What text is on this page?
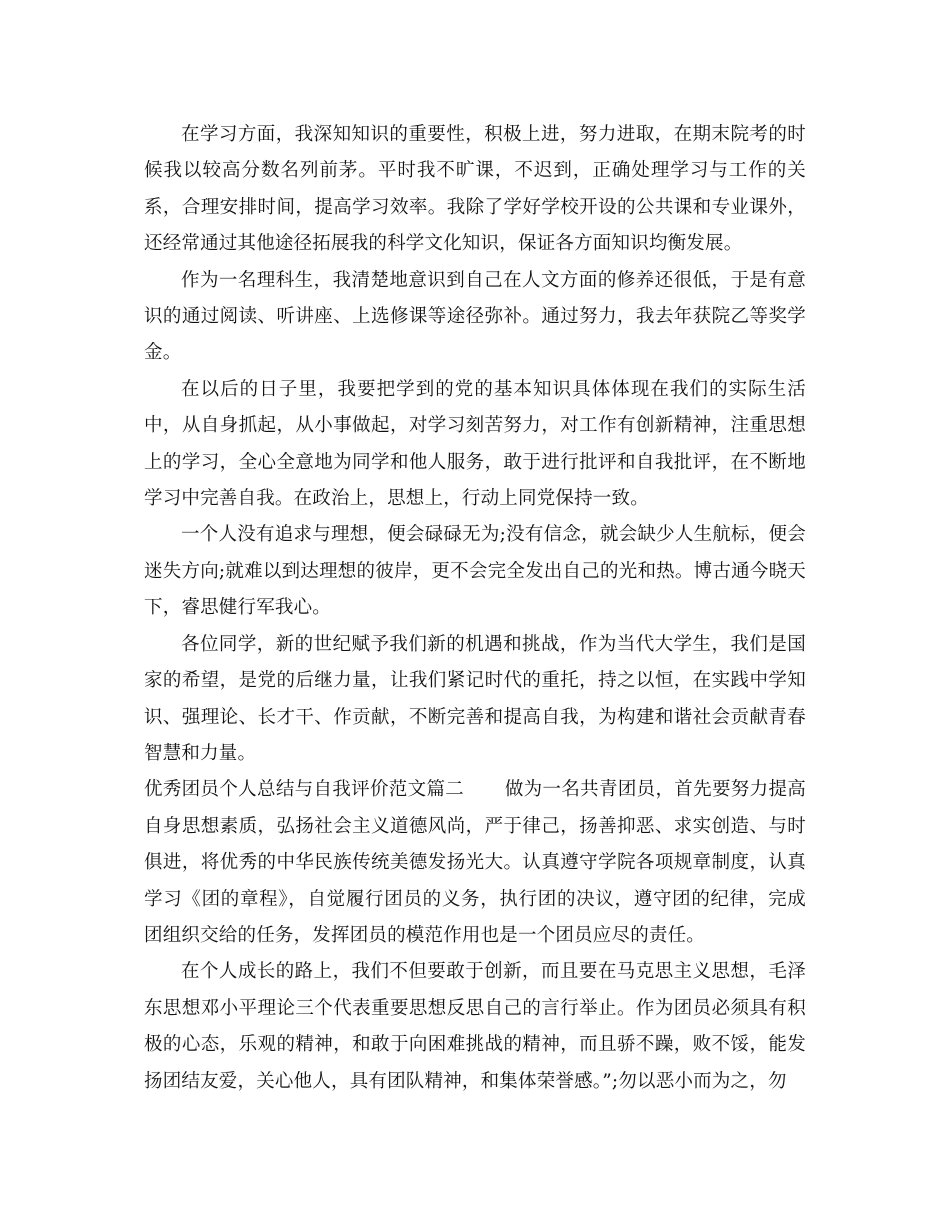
在学习方面，我深知知识的重要性，积极上进，努力进取，在期末院考的时候我以较高分数名列前茅。平时我不旷课，不迟到，正确处理学习与工作的关系，合理安排时间，提高学习效率。我除了学好学校开设的公共课和专业课外，还经常通过其他途径拓展我的科学文化知识，保证各方面知识均衡发展。

作为一名理科生，我清楚地意识到自己在人文方面的修养还很低，于是有意识的通过阅读、听讲座、上选修课等途径弥补。通过努力，我去年获院乙等奖学金。

在以后的日子里，我要把学到的党的基本知识具体体现在我们的实际生活中，从自身抓起，从小事做起，对学习刻苦努力，对工作有创新精神，注重思想上的学习，全心全意地为同学和他人服务，敢于进行批评和自我批评，在不断地学习中完善自我。在政治上，思想上，行动上同党保持一致。

一个人没有追求与理想，便会碌碌无为;没有信念，就会缺少人生航标，便会迷失方向;就难以到达理想的彼岸，更不会完全发出自己的光和热。博古通今晓天下，睿思健行军我心。

各位同学，新的世纪赋予我们新的机遇和挑战，作为当代大学生，我们是国家的希望，是党的后继力量，让我们紧记时代的重托，持之以恒，在实践中学知识、强理论、长才干、作贡献，不断完善和提高自我，为构建和谐社会贡献青春智慧和力量。

优秀团员个人总结与自我评价范文篇二 做为一名共青团员，首先要努力提高自身思想素质，弘扬社会主义道德风尚，严于律己，扬善抑恶、求实创造、与时俱进，将优秀的中华民族传统美德发扬光大。认真遵守学院各项规章制度，认真学习《团的章程》，自觉履行团员的义务，执行团的决议，遵守团的纪律，完成团组织交给的任务，发挥团员的模范作用也是一个团员应尽的责任。

在个人成长的路上，我们不但要敢于创新，而且要在马克思主义思想，毛泽东思想邓小平理论三个代表重要思想反思自己的言行举止。作为团员必须具有积极的心态，乐观的精神，和敢于向困难挑战的精神，而且骄不躁，败不馁，能发扬团结友爱，关心他人，具有团队精神，和集体荣誉感。”;勿以恶小而为之，勿
